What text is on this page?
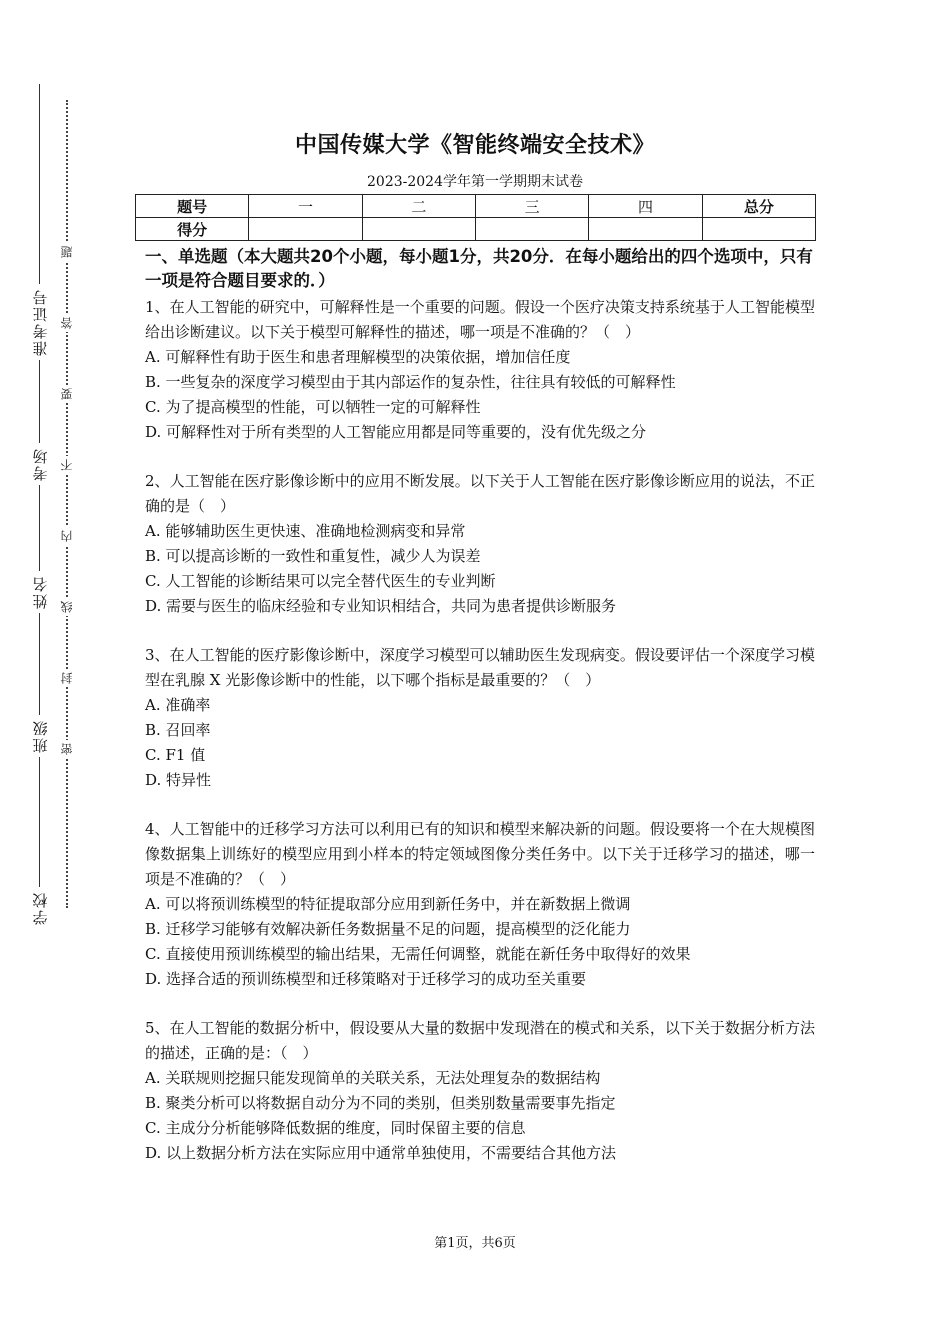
准考证号
考场
姓名
班级
学校
题
答
要
不
内
线
封
密
中国传媒大学《智能终端安全技术》
2023-2024学年第一学期期末试卷
题号	一	二	三	四	总分
得分					

一、单选题（本大题共20个小题，每小题1分，共20分．在每小题给出的四个选项中，只有一项是符合题目要求的．）

1、在人工智能的研究中，可解释性是一个重要的问题。假设一个医疗决策支持系统基于人工智能模型给出诊断建议。以下关于模型可解释性的描述，哪一项是不准确的？（　）

A. 可解释性有助于医生和患者理解模型的决策依据，增加信任度

B. 一些复杂的深度学习模型由于其内部运作的复杂性，往往具有较低的可解释性

C. 为了提高模型的性能，可以牺牲一定的可解释性

D. 可解释性对于所有类型的人工智能应用都是同等重要的，没有优先级之分

2、人工智能在医疗影像诊断中的应用不断发展。以下关于人工智能在医疗影像诊断应用的说法，不正确的是（　）

A. 能够辅助医生更快速、准确地检测病变和异常

B. 可以提高诊断的一致性和重复性，减少人为误差

C. 人工智能的诊断结果可以完全替代医生的专业判断

D. 需要与医生的临床经验和专业知识相结合，共同为患者提供诊断服务

3、在人工智能的医疗影像诊断中，深度学习模型可以辅助医生发现病变。假设要评估一个深度学习模型在乳腺 X 光影像诊断中的性能，以下哪个指标是最重要的？（　）

A. 准确率

B. 召回率

C. F1 值

D. 特异性

4、人工智能中的迁移学习方法可以利用已有的知识和模型来解决新的问题。假设要将一个在大规模图像数据集上训练好的模型应用到小样本的特定领域图像分类任务中。以下关于迁移学习的描述，哪一项是不准确的？（　）

A. 可以将预训练模型的特征提取部分应用到新任务中，并在新数据上微调

B. 迁移学习能够有效解决新任务数据量不足的问题，提高模型的泛化能力

C. 直接使用预训练模型的输出结果，无需任何调整，就能在新任务中取得好的效果

D. 选择合适的预训练模型和迁移策略对于迁移学习的成功至关重要

5、在人工智能的数据分析中，假设要从大量的数据中发现潜在的模式和关系，以下关于数据分析方法的描述，正确的是：（　）

A. 关联规则挖掘只能发现简单的关联关系，无法处理复杂的数据结构

B. 聚类分析可以将数据自动分为不同的类别，但类别数量需要事先指定

C. 主成分分析能够降低数据的维度，同时保留主要的信息

D. 以上数据分析方法在实际应用中通常单独使用，不需要结合其他方法

第1页，共6页
